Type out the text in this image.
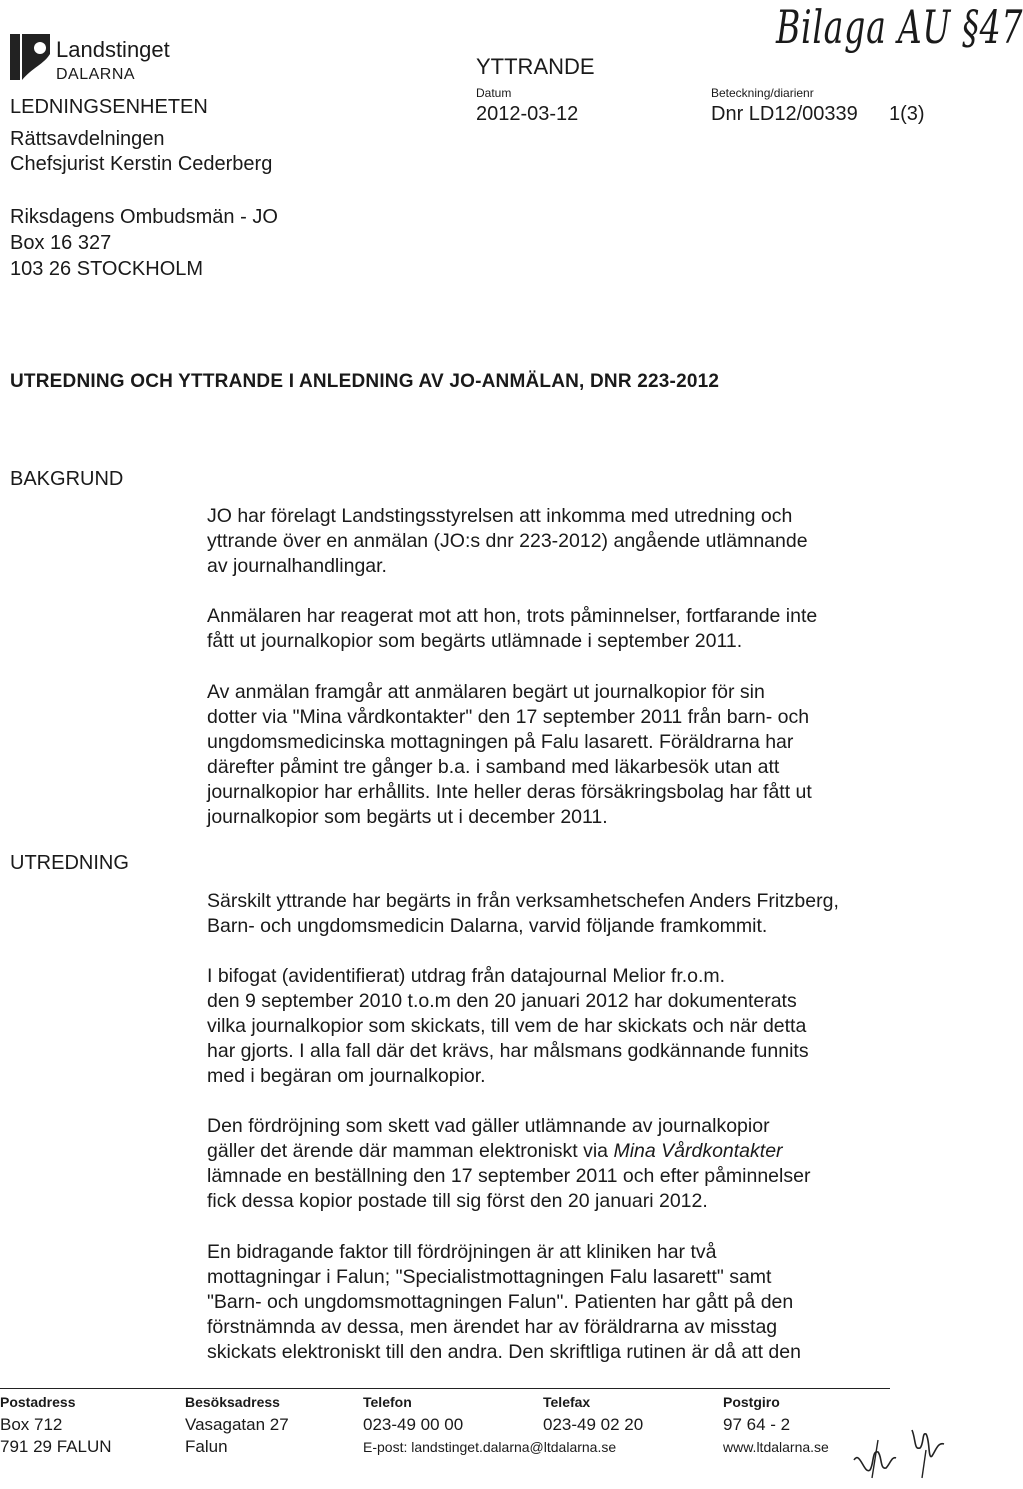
Landstinget
DALARNA
LEDNINGSENHETEN
Rättsavdelningen
Chefsjurist Kerstin Cederberg
YTTRANDE
Datum
2012-03-12
Beteckning/diarienr
Dnr LD12/00339 1(3)
Bilaga AU §47
Riksdagens Ombudsmän - JO
Box 16 327
103 26 STOCKHOLM
UTREDNING OCH YTTRANDE I ANLEDNING AV JO-ANMÄLAN, DNR 223-2012
BAKGRUND
UTREDNING
JO har förelagt Landstingsstyrelsen att inkomma med utredning och
yttrande över en anmälan (JO:s dnr 223-2012) angående utlämnande
av journalhandlingar.
Anmälaren har reagerat mot att hon, trots påminnelser, fortfarande inte
fått ut journalkopior som begärts utlämnade i september 2011.
Av anmälan framgår att anmälaren begärt ut journalkopior för sin
dotter via "Mina vårdkontakter" den 17 september 2011 från barn- och
ungdomsmedicinska mottagningen på Falu lasarett. Föräldrarna har
därefter påmint tre gånger b.a. i samband med läkarbesök utan att
journalkopior har erhållits. Inte heller deras försäkringsbolag har fått ut
journalkopior som begärts ut i december 2011.
Särskilt yttrande har begärts in från verksamhetschefen Anders Fritzberg,
Barn- och ungdomsmedicin Dalarna, varvid följande framkommit.
I bifogat (avidentifierat) utdrag från datajournal Melior fr.o.m.
den 9 september 2010 t.o.m den 20 januari 2012 har dokumenterats
vilka journalkopior som skickats, till vem de har skickats och när detta
har gjorts. I alla fall där det krävs, har målsmans godkännande funnits
med i begäran om journalkopior.
Den fördröjning som skett vad gäller utlämnande av journalkopior
gäller det ärende där mamman elektroniskt via Mina Vårdkontakter
lämnade en beställning den 17 september 2011 och efter påminnelser
fick dessa kopior postade till sig först den 20 januari 2012.
En bidragande faktor till fördröjningen är att kliniken har två
mottagningar i Falun; "Specialistmottagningen Falu lasarett" samt
"Barn- och ungdomsmottagningen Falun". Patienten har gått på den
förstnämnda av dessa, men ärendet har av föräldrarna av misstag
skickats elektroniskt till den andra. Den skriftliga rutinen är då att den
Postadress
Box 712
791 29 FALUN
Besöksadress
Vasagatan 27
Falun
Telefon
023-49 00 00
E-post: landstinget.dalarna@ltdalarna.se
Telefax
023-49 02 20
Postgiro
97 64 - 2
www.ltdalarna.se
